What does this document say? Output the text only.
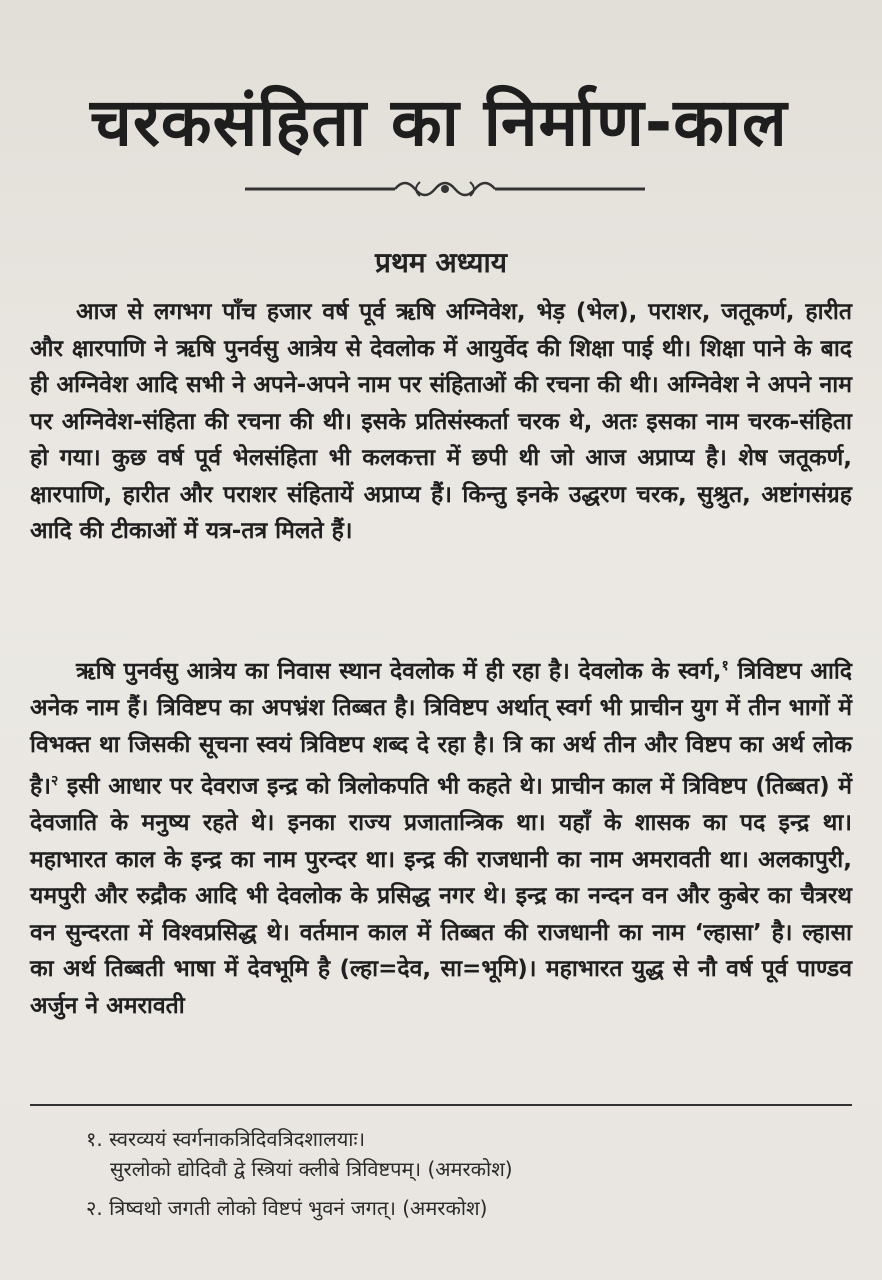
चरकसंहिता का निर्माण-काल
प्रथम अध्याय

आज से लगभग पाँच हजार वर्ष पूर्व ऋषि अग्निवेश, भेड़ (भेल), पराशर, जतूकर्ण, हारीत और क्षारपाणि ने ऋषि पुनर्वसु आत्रेय से देवलोक में आयुर्वेद की शिक्षा पाई थी। शिक्षा पाने के बाद ही अग्निवेश आदि सभी ने अपने-अपने नाम पर संहिताओं की रचना की थी। अग्निवेश ने अपने नाम पर अग्निवेश-संहिता की रचना की थी। इसके प्रतिसंस्कर्ता चरक थे, अतः इसका नाम चरक-संहिता हो गया। कुछ वर्ष पूर्व भेलसंहिता भी कलकत्ता में छपी थी जो आज अप्राप्य है। शेष जतूकर्ण, क्षारपाणि, हारीत और पराशर संहितायें अप्राप्य हैं। किन्तु इनके उद्धरण चरक, सुश्रुत, अष्टांगसंग्रह आदि की टीकाओं में यत्र-तत्र मिलते हैं।

ऋषि पुनर्वसु आत्रेय का निवास स्थान देवलोक में ही रहा है। देवलोक के स्वर्ग,$^१$ त्रिविष्टप आदि अनेक नाम हैं। त्रिविष्टप का अपभ्रंश तिब्बत है। त्रिविष्टप अर्थात् स्वर्ग भी प्राचीन युग में तीन भागों में विभक्त था जिसकी सूचना स्वयं त्रिविष्टप शब्द दे रहा है। त्रि का अर्थ तीन और विष्टप का अर्थ लोक है।$^२$ इसी आधार पर देवराज इन्द्र को त्रिलोकपति भी कहते थे। प्राचीन काल में त्रिविष्टप (तिब्बत) में देवजाति के मनुष्य रहते थे। इनका राज्य प्रजातान्त्रिक था। यहाँ के शासक का पद इन्द्र था। महाभारत काल के इन्द्र का नाम पुरन्दर था। इन्द्र की राजधानी का नाम अमरावती था। अलकापुरी, यमपुरी और रुद्रौक आदि भी देवलोक के प्रसिद्ध नगर थे। इन्द्र का नन्दन वन और कुबेर का चैत्ररथ वन सुन्दरता में विश्वप्रसिद्ध थे। वर्तमान काल में तिब्बत की राजधानी का नाम ‘ल्हासा’ है। ल्हासा का अर्थ तिब्बती भाषा में देवभूमि है (ल्हा=देव, सा=भूमि)। महाभारत युद्ध से नौ वर्ष पूर्व पाण्डव अर्जुन ने अमरावती

१. स्वरव्ययं स्वर्गनाकत्रिदिवत्रिदशालयाः।
सुरलोको द्योदिवौ द्वे स्त्रियां क्लीबे त्रिविष्टपम्। (अमरकोश)
२. त्रिष्वथो जगती लोको विष्टपं भुवनं जगत्। (अमरकोश)
